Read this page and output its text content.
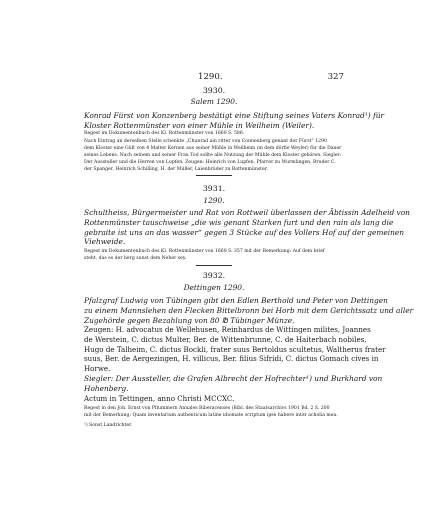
1290.	327
3930.
Salem 1290.
Konrad Fürst von Konzenberg bestätigt eine Stiftung seines Vaters Konrad¹) für
Kloster Rottenmünster von einer Mühle in Weilheim (Weiler).
Regest im Dokumentenbuch des Kl. Rottenmünster von 1660 S. 586.
Nach Eintrag an derselben Stelle schenkte „Chunrad ain ritter von Connenberg genant der Fürst“ 1290
dem Kloster eine Gült von 4 Malter Kernen aus seiner Mühle in Weilheim (in dem dörfle Weyler) für die Dauer
seines Lebens. Nach seinem und seiner Frau Tod sollte alle Nutzung der Mühle dem Kloster gehören. Siegler:
Der Aussteller und die Herren von Lupfen. Zeugen: Heinrich von Lupfen, Pfarrer zu Wurmlingen, Bruder C.
der Spanger, Heinrich Schilling, H. der Müller, Laienbrüder zu Rottenmünster.
3931.
1290.
Schultheiss, Bürgermeister und Rat von Rottweil überlassen der Äbtissin Adelheid von
Rottenmünster tauschweise „die wis genant Starken furt und den rain als lang die
gebraite ist uns an das wasser“ gegen 3 Stücke auf des Vollers Hof auf der gemeinen
Viehweide.
Regest im Dokumentenbuch des Kl. Rottenmünster von 1660 S. 357 mit der Bemerkung: Auf dem brief
steht, das es der berg sunst dem Neher sey.
3932.
Dettingen 1290.
Pfalzgraf Ludwig von Tübingen gibt den Edlen Berthold und Peter von Dettingen
zu einem Mannslehen den Flecken Bittelbronn bei Horb mit dem Gerichtssatz und aller
Zugehörde gegen Bezahlung von 80 ℔ Tübinger Münze.
Zeugen: H. advocatus de Wellehusen, Reinhardus de Wittingen milites, Joannes
de Werstein, C. dictus Multer, Ber. de Wittenbrunne, C. de Haiterbach nobiles,
Hugo de Talheim, C. dictus Bockli, frater suus Bertoldus scultetus, Waltherus frater
suus, Ber. de Aergezingen, H. villicus, Ber. filius Sifridi, C. dictus Gomach cives in
Horwe.
Siegler: Der Aussteller, die Grafen Albrecht der Hofrechter¹) und Burkhard von
Hohenberg.
Actum in Tettingen, anno Christi MCCXC.
Regest in den Joh. Ernst von Pflummern Annales Biberacenses (Bibl. des Staatsarchivs 1901 Bd. 2 S. 200
mit der Bemerkung: Quam inventarium authenticum latine idiomate scriptum ipse habere inter acholia mea.
¹) Sonst Landrichter.
